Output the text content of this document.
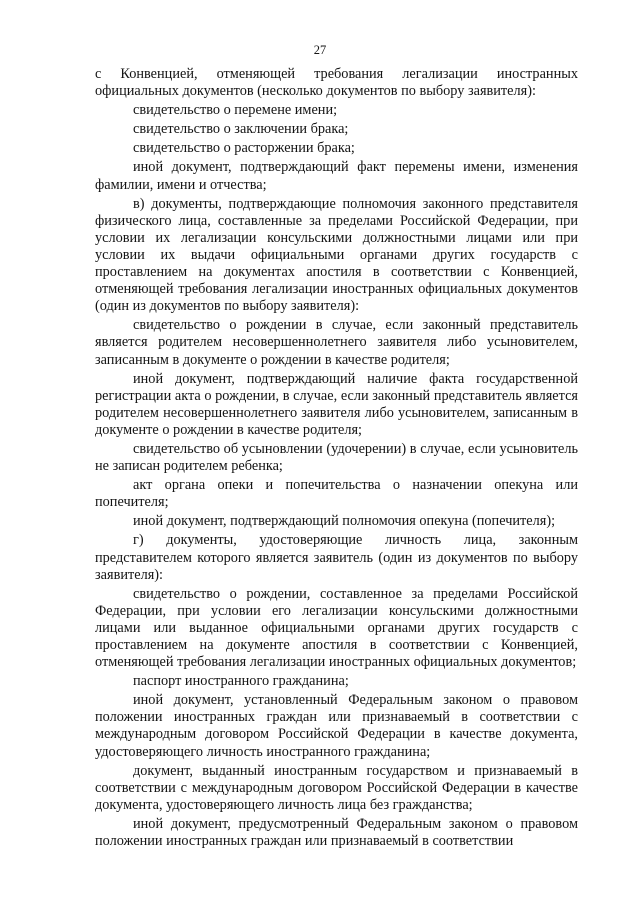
27

с Конвенцией, отменяющей требования легализации иностранных официальных документов (несколько документов по выбору заявителя):

свидетельство о перемене имени;

свидетельство о заключении брака;

свидетельство о расторжении брака;

иной документ, подтверждающий факт перемены имени, изменения фамилии, имени и отчества;

в) документы, подтверждающие полномочия законного представителя физического лица, составленные за пределами Российской Федерации, при условии их легализации консульскими должностными лицами или при условии их выдачи официальными органами других государств с проставлением на документах апостиля в соответствии с Конвенцией, отменяющей требования легализации иностранных официальных документов (один из документов по выбору заявителя):

свидетельство о рождении в случае, если законный представитель является родителем несовершеннолетнего заявителя либо усыновителем, записанным в документе о рождении в качестве родителя;

иной документ, подтверждающий наличие факта государственной регистрации акта о рождении, в случае, если законный представитель является родителем несовершеннолетнего заявителя либо усыновителем, записанным в документе о рождении в качестве родителя;

свидетельство об усыновлении (удочерении) в случае, если усыновитель не записан родителем ребенка;

акт органа опеки и попечительства о назначении опекуна или попечителя;

иной документ, подтверждающий полномочия опекуна (попечителя);

г) документы, удостоверяющие личность лица, законным представителем которого является заявитель (один из документов по выбору заявителя):

свидетельство о рождении, составленное за пределами Российской Федерации, при условии его легализации консульскими должностными лицами или выданное официальными органами других государств с проставлением на документе апостиля в соответствии с Конвенцией, отменяющей требования легализации иностранных официальных документов;

паспорт иностранного гражданина;

иной документ, установленный Федеральным законом о правовом положении иностранных граждан или признаваемый в соответствии с международным договором Российской Федерации в качестве документа, удостоверяющего личность иностранного гражданина;

документ, выданный иностранным государством и признаваемый в соответствии с международным договором Российской Федерации в качестве документа, удостоверяющего личность лица без гражданства;

иной документ, предусмотренный Федеральным законом о правовом положении иностранных граждан или признаваемый в соответствии
